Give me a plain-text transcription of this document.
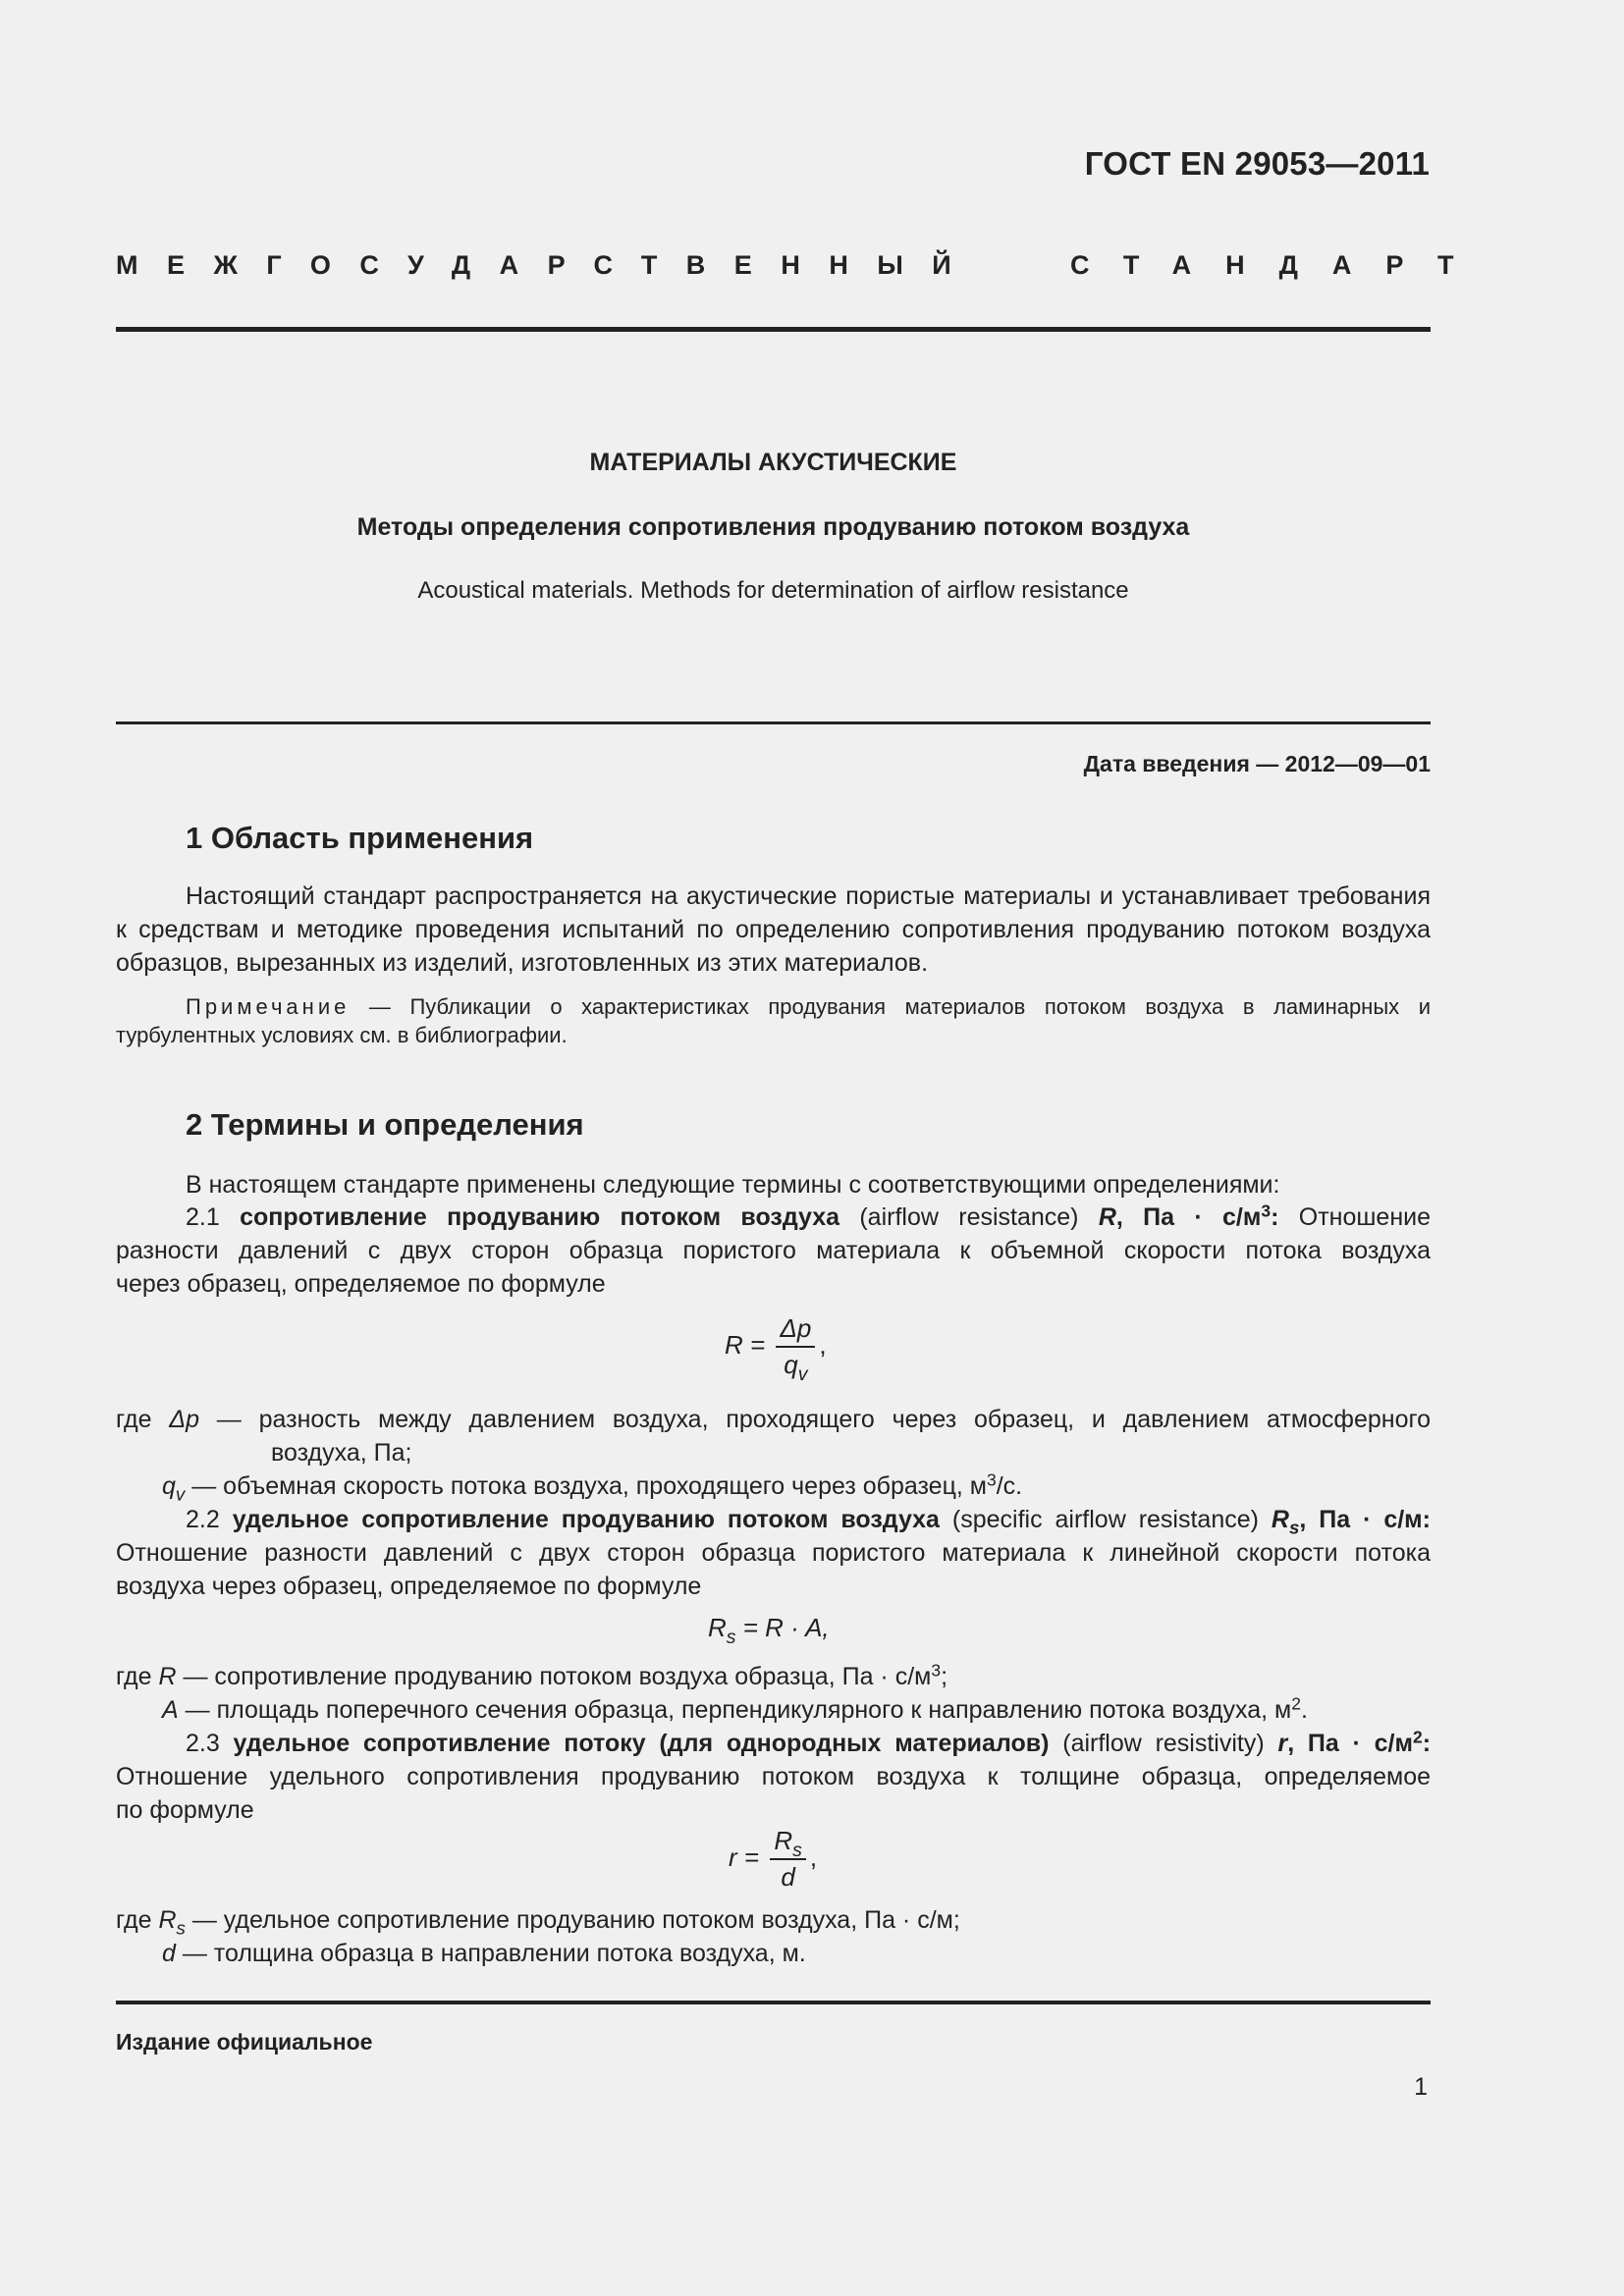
ГОСТ EN 29053—2011
МЕЖГОСУДАРСТВЕННЫЙ	СТАНДАРТ
МАТЕРИАЛЫ АКУСТИЧЕСКИЕ
Методы определения сопротивления продуванию потоком воздуха
Acoustical materials. Methods for determination of airflow resistance
Дата введения — 2012—09—01
1 Область применения
Настоящий стандарт распространяется на акустические пористые материалы и устанавливает требования к средствам и методике проведения испытаний по определению сопротивления продуванию потоком воздуха образцов, вырезанных из изделий, изготовленных из этих материалов.
Примечание — Публикации о характеристиках продувания материалов потоком воздуха в ламинарных и турбулентных условиях см. в библиографии.
2 Термины и определения
В настоящем стандарте применены следующие термины с соответствующими определениями:
2.1 сопротивление продуванию потоком воздуха (airflow resistance) R, Па · $с/м^3$: Отношение
разности давлений с двух сторон образца пористого материала к объемной скорости потока воздуха
через образец, определяемое по формуле
$R = \frac{\Delta p}{q_v}$ ,
где Δp — разность между давлением воздуха, проходящего через образец, и давлением атмосферного
воздуха, Па;
$q_v$ — объемная скорость потока воздуха, проходящего через образец, $м^3/с$.
2.2 удельное сопротивление продуванию потоком воздуха (specific airflow resistance) $R_s$, Па · с/м:
Отношение разности давлений с двух сторон образца пористого материала к линейной скорости потока
воздуха через образец, определяемое по формуле
$R_s = R \cdot A$,
где R — сопротивление продуванию потоком воздуха образца, Па · $с/м^3$;
A — площадь поперечного сечения образца, перпендикулярного к направлению потока воздуха, $м^2$.
2.3 удельное сопротивление потоку (для однородных материалов) (airflow resistivity) r, Па · $с/м^2$:
Отношение удельного сопротивления продуванию потоком воздуха к толщине образца, определяемое
по формуле
$r = \frac{R_s}{d}$ ,
где $R_s$ — удельное сопротивление продуванию потоком воздуха, Па · с/м;
d — толщина образца в направлении потока воздуха, м.
Издание официальное
1
